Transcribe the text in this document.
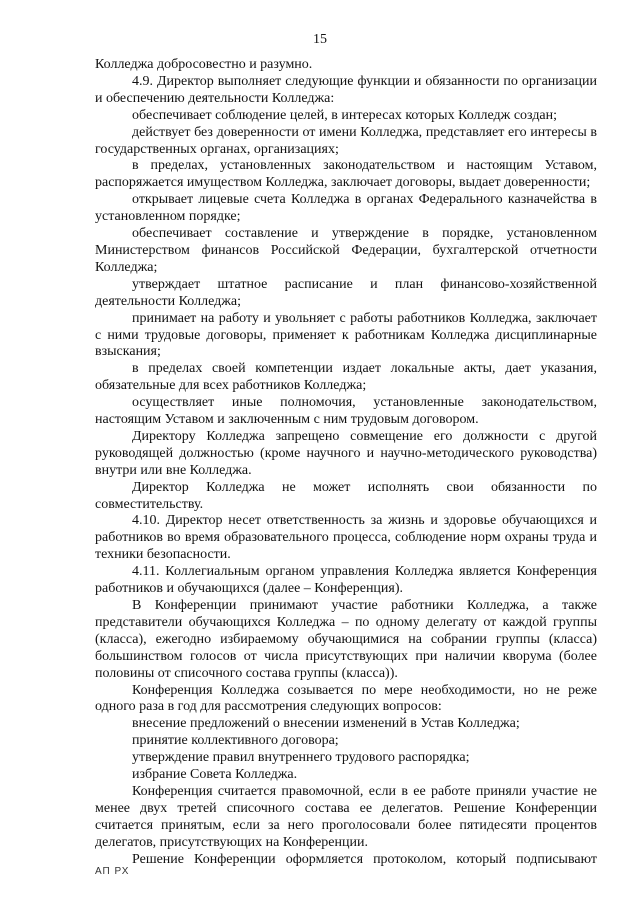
15

Колледжа добросовестно и разумно.

4.9. Директор выполняет следующие функции и обязанности по организации и обеспечению деятельности Колледжа:

обеспечивает соблюдение целей, в интересах которых Колледж создан;

действует без доверенности от имени Колледжа, представляет его интересы в государственных органах, организациях;

в пределах, установленных законодательством и настоящим Уставом, распоряжается имуществом Колледжа, заключает договоры, выдает доверенности;

открывает лицевые счета Колледжа в органах Федерального казначейства в установленном порядке;

обеспечивает составление и утверждение в порядке, установленном Министерством финансов Российской Федерации, бухгалтерской отчетности Колледжа;

утверждает штатное расписание и план финансово-хозяйственной деятельности Колледжа;

принимает на работу и увольняет с работы работников Колледжа, заключает с ними трудовые договоры, применяет к работникам Колледжа дисциплинарные взыскания;

в пределах своей компетенции издает локальные акты, дает указания, обязательные для всех работников Колледжа;

осуществляет иные полномочия, установленные законодательством, настоящим Уставом и заключенным с ним трудовым договором.

Директору Колледжа запрещено совмещение его должности с другой руководящей должностью (кроме научного и научно-методического руководства) внутри или вне Колледжа.

Директор Колледжа не может исполнять свои обязанности по совместительству.

4.10. Директор несет ответственность за жизнь и здоровье обучающихся и работников во время образовательного процесса, соблюдение норм охраны труда и техники безопасности.

4.11. Коллегиальным органом управления Колледжа является Конференция работников и обучающихся (далее – Конференция).

В Конференции принимают участие работники Колледжа, а также представители обучающихся Колледжа – по одному делегату от каждой группы (класса), ежегодно избираемому обучающимися на собрании группы (класса) большинством голосов от числа присутствующих при наличии кворума (более половины от списочного состава группы (класса)).

Конференция Колледжа созывается по мере необходимости, но не реже одного раза в год для рассмотрения следующих вопросов:

внесение предложений о внесении изменений в Устав Колледжа;

принятие коллективного договора;

утверждение правил внутреннего трудового распорядка;

избрание Совета Колледжа.

Конференция считается правомочной, если в ее работе приняли участие не менее двух третей списочного состава ее делегатов. Решение Конференции считается принятым, если за него проголосовали более пятидесяти процентов делегатов, присутствующих на Конференции.

Решение Конференции оформляется протоколом, который подписывают

АП РХ
